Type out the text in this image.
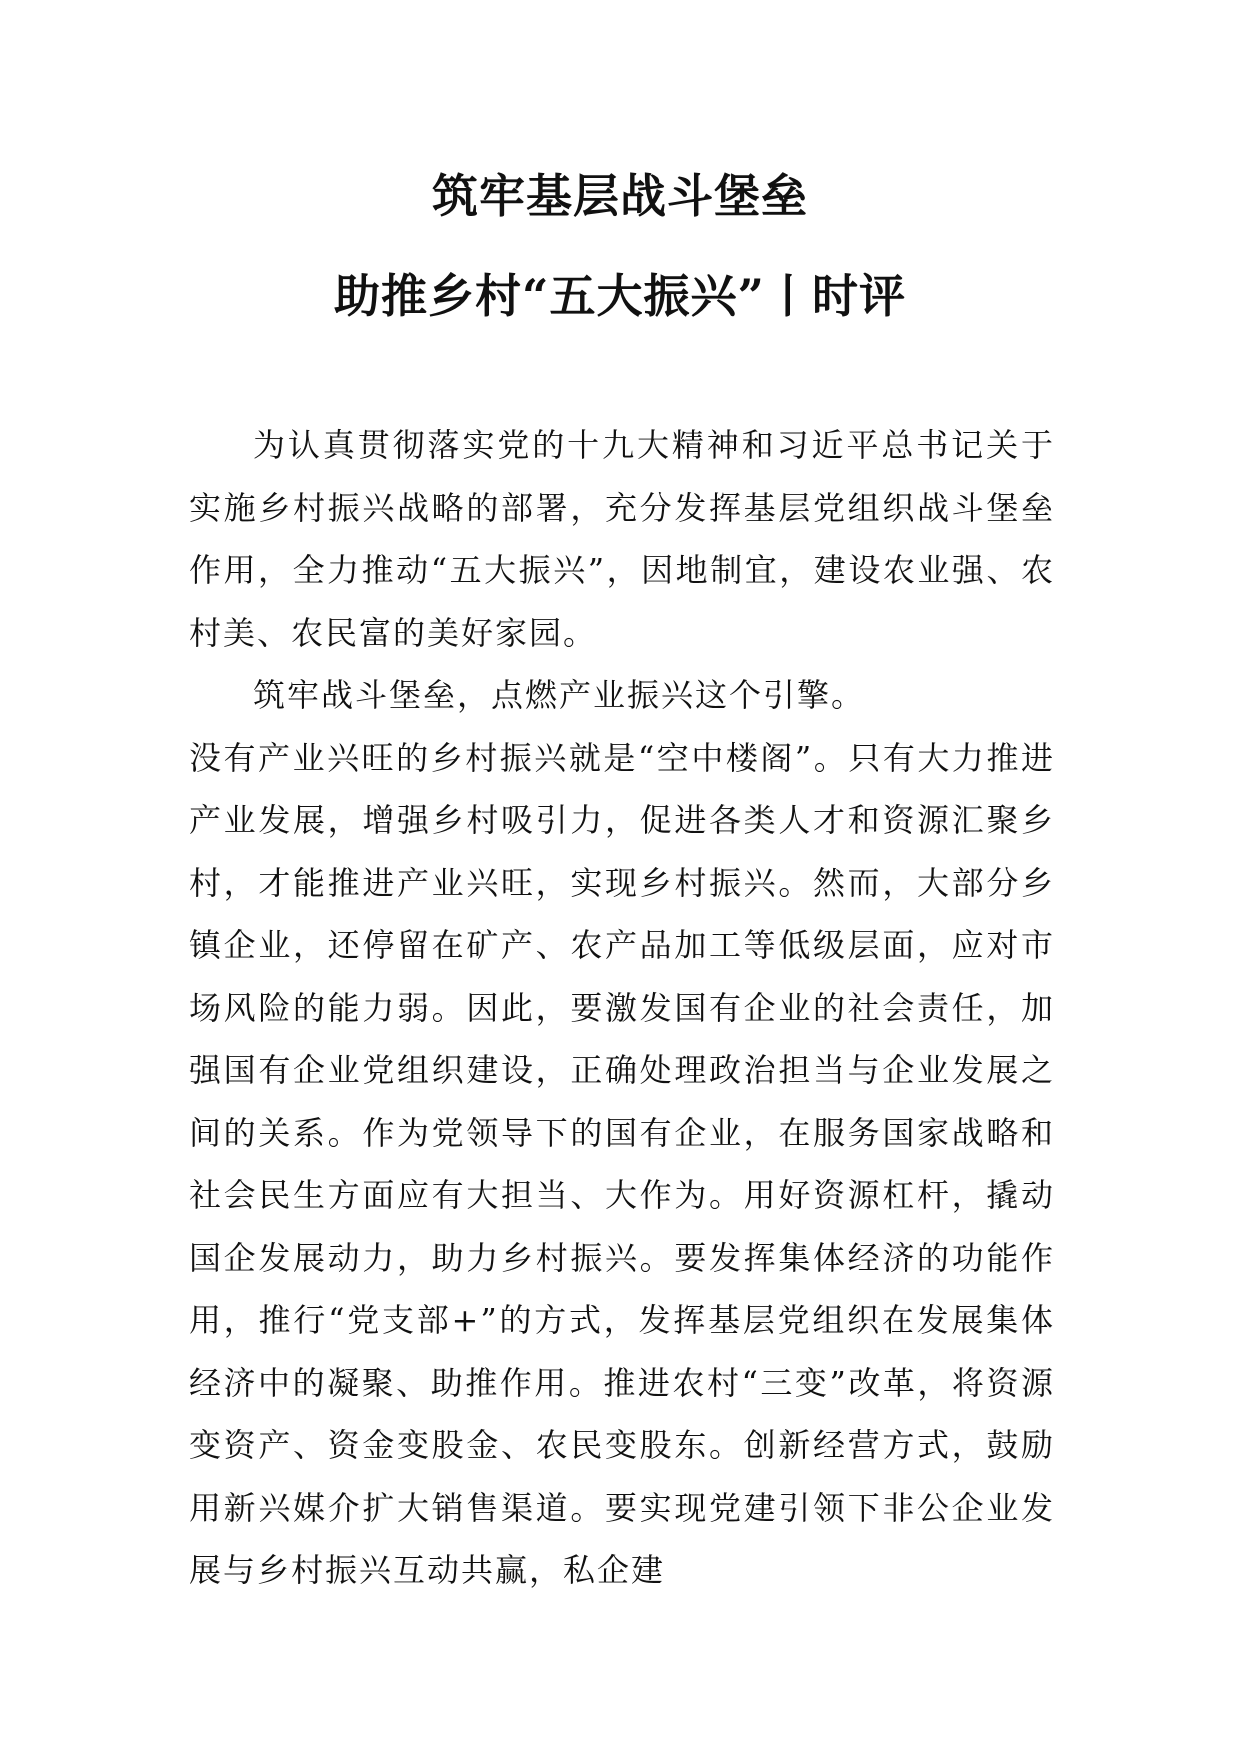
筑牢基层战斗堡垒
助推乡村“五大振兴”丨时评

为认真贯彻落实党的十九大精神和习近平总书记关于实施乡村振兴战略的部署，充分发挥基层党组织战斗堡垒作用，全力推动“五大振兴”，因地制宜，建设农业强、农村美、农民富的美好家园。

筑牢战斗堡垒，点燃产业振兴这个引擎。

没有产业兴旺的乡村振兴就是“空中楼阁”。只有大力推进产业发展，增强乡村吸引力，促进各类人才和资源汇聚乡村，才能推进产业兴旺，实现乡村振兴。然而，大部分乡镇企业，还停留在矿产、农产品加工等低级层面，应对市场风险的能力弱。因此，要激发国有企业的社会责任，加强国有企业党组织建设，正确处理政治担当与企业发展之间的关系。作为党领导下的国有企业，在服务国家战略和社会民生方面应有大担当、大作为。用好资源杠杆，撬动国企发展动力，助力乡村振兴。要发挥集体经济的功能作用，推行“党支部+”的方式，发挥基层党组织在发展集体经济中的凝聚、助推作用。推进农村“三变”改革，将资源变资产、资金变股金、农民变股东。创新经营方式，鼓励用新兴媒介扩大销售渠道。要实现党建引领下非公企业发展与乡村振兴互动共赢，私企建
